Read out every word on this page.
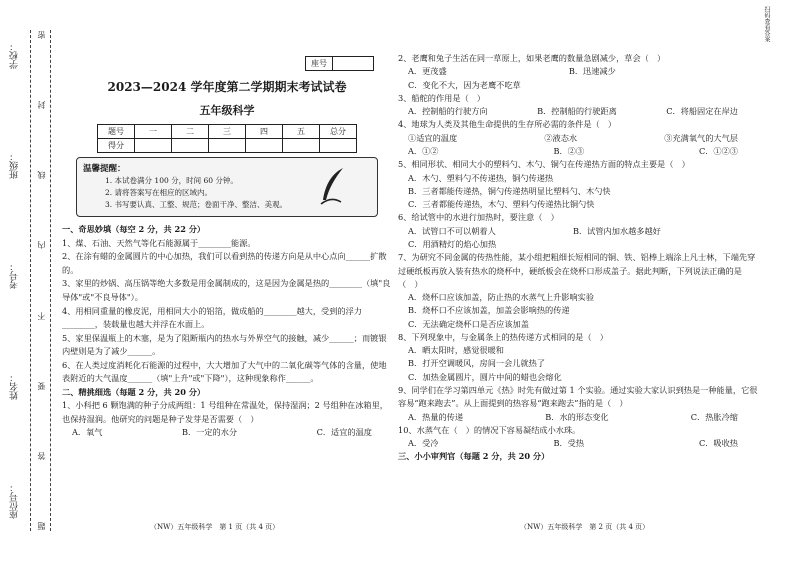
学校：
班级：
考号：
姓名：
座位号：
密
封
线
内
不
要
答
题
座号
2023—2024 学年度第二学期期末考试试卷
五年级科学
题号	一	二	三	四	五	总分
得分						
温馨提醒：
1. 本试卷满分 100 分，时间 60 分钟。
2. 请将答案写在相应的区域内。
3. 书写要认真、工整、规范；卷面干净、整洁、美观。
一、奇思妙填（每空 2 分，共 22 分）
1、煤、石油、天然气等化石能源属于________能源。
2、在涂有蜡的金属圆片的中心加热，我们可以看到热的传递方向是从中心点向______扩散的。
3、家里的炒锅、高压锅等绝大多数是用金属制成的，这是因为金属是热的________（填"良导体"或"不良导体"）。
4、用相同重量的橡皮泥，用相同大小的铝箔，做成船的________越大，受到的浮力________，装载量也越大并浮在水面上。
5、家里保温瓶上的木塞，是为了阻断瓶内的热水与外界空气的接触，减少______；而镀银内壁则是为了减少______。
6、在人类过度消耗化石能源的过程中，大大增加了大气中的二氧化碳等气体的含量，使地表附近的大气温度______（填"上升"或"下降"），这种现象称作______。
二、精挑细选（每题 2 分，共 20 分）
1、小科把 6 颗饱满的种子分成两组：1 号组种在常温处，保持湿润；2 号组种在冰箱里，也保持湿润。他研究的问题是种子发芽是否需要（　）
A．氧气	B．一定的水分	C．适宜的温度
（NW）五年级科学　第 1 页（共 4 页）
2、老鹰和兔子生活在同一草原上，如果老鹰的数量急剧减少，草会（　）
A．更茂盛	B．迅速减少
C．变化不大，因为老鹰不吃草
3、船舵的作用是（　）
A．控制船的行驶方向	B．控制船的行驶距离	C．将船固定在岸边
4、地球为人类及其他生命提供的生存所必需的条件是（　）
①适宜的温度	②液态水	③充满氧气的大气层
A．①②	B．②③	C．①②③
5、相同形状、相同大小的塑料勺、木勺、铜勺在传递热方面的特点主要是（　）
A．木勺、塑料勺不传递热，铜勺传递热
B．三者都能传递热，铜勺传递热明显比塑料勺、木勺快
C．三者都能传递热，木勺、塑料勺传递热比铜勺快
6、给试管中的水进行加热时，要注意（　）
A．试管口不可以朝着人	B．试管内加水越多越好
C．用酒精灯的焰心加热
7、为研究不同金属的传热性能，某小组把粗细长短相同的铜、铁、铝棒上端涂上凡士林，下端先穿过硬纸板再放入装有热水的烧杯中，硬纸板会在烧杯口形成盖子。据此判断，下列说法正确的是（　）
A．烧杯口应该加盖，防止热的水蒸气上升影响实验
B．烧杯口不应该加盖，加盖会影响热的传递
C．无法确定烧杯口是否应该加盖
8、下列现象中，与金属条上的热传递方式相同的是（　）
A．晒太阳时，感觉很暖和
B．打开空调暖风，房间一会儿就热了
C．加热金属圆片，圆片中间的蜡也会熔化
9、同学们在学习第四单元《热》时先有做过第 1 个实验。通过实验大家认识到热是一种能量，它很容易“跑来跑去”。从上面提到的热容易“跑来跑去”指的是（　）
A．热量的传递	B．水的形态变化	C．热胀冷缩
10、水蒸气在（　）的情况下容易凝结成小水珠。
A．受冷	B．受热	C．吸收热
三、小小审判官（每题 2 分，共 20 分）
（NW）五年级科学　第 2 页（共 4 页）
扫码查看答案
